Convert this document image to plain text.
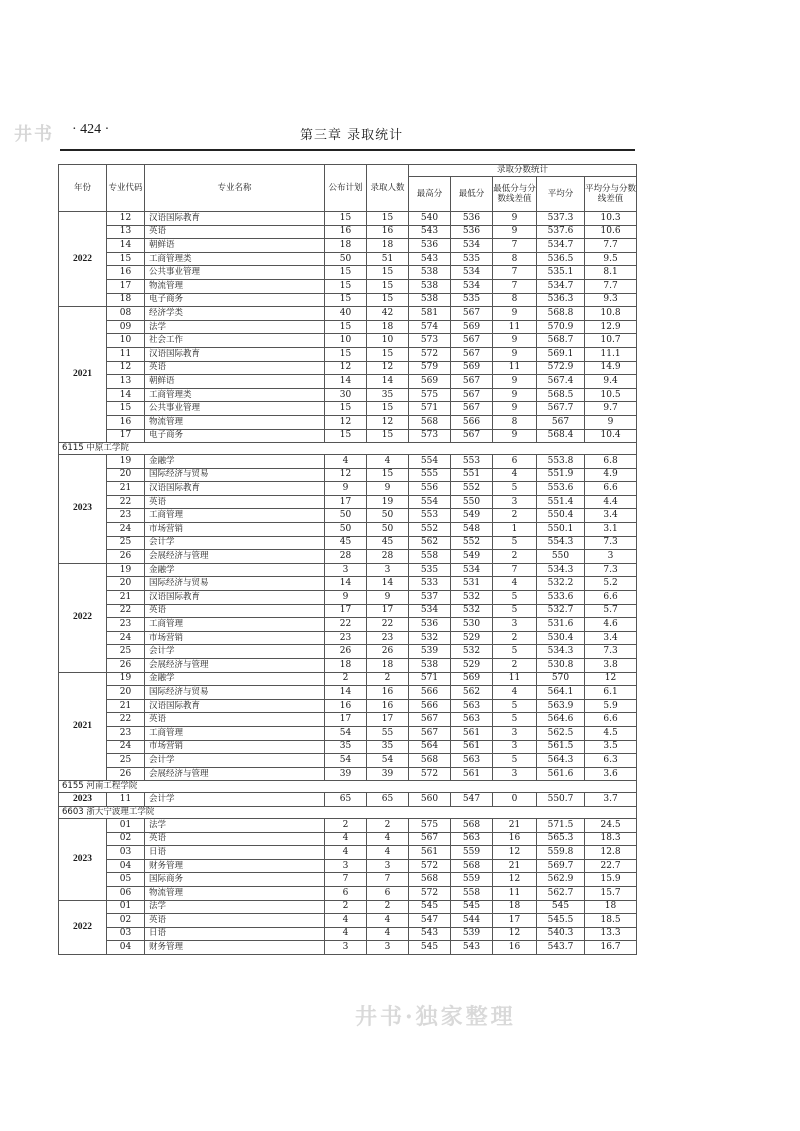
井书 · 424 ·	第三章 录取统计
年份	专业代码	专业名称	公布计划	录取人数	录取分数统计				
					最高分	最低分	最低分与分数线差值	平均分	平均分与分数线差值
2022	12	汉语国际教育	15	15	540	536	9	537.3	10.3
	13	英语	16	16	543	536	9	537.6	10.6
	14	朝鲜语	18	18	536	534	7	534.7	7.7
	15	工商管理类	50	51	543	535	8	536.5	9.5
	16	公共事业管理	15	15	538	534	7	535.1	8.1
	17	物流管理	15	15	538	534	7	534.7	7.7
	18	电子商务	15	15	538	535	8	536.3	9.3
2021	08	经济学类	40	42	581	567	9	568.8	10.8
	09	法学	15	18	574	569	11	570.9	12.9
	10	社会工作	10	10	573	567	9	568.7	10.7
	11	汉语国际教育	15	15	572	567	9	569.1	11.1
	12	英语	12	12	579	569	11	572.9	14.9
	13	朝鲜语	14	14	569	567	9	567.4	9.4
	14	工商管理类	30	35	575	567	9	568.5	10.5
	15	公共事业管理	15	15	571	567	9	567.7	9.7
	16	物流管理	12	12	568	566	8	567	9
	17	电子商务	15	15	573	567	9	568.4	10.4
6115 中原工学院									
2023	19	金融学	4	4	554	553	6	553.8	6.8
	20	国际经济与贸易	12	15	555	551	4	551.9	4.9
	21	汉语国际教育	9	9	556	552	5	553.6	6.6
	22	英语	17	19	554	550	3	551.4	4.4
	23	工商管理	50	50	553	549	2	550.4	3.4
	24	市场营销	50	50	552	548	1	550.1	3.1
	25	会计学	45	45	562	552	5	554.3	7.3
	26	会展经济与管理	28	28	558	549	2	550	3
2022	19	金融学	3	3	535	534	7	534.3	7.3
	20	国际经济与贸易	14	14	533	531	4	532.2	5.2
	21	汉语国际教育	9	9	537	532	5	533.6	6.6
	22	英语	17	17	534	532	5	532.7	5.7
	23	工商管理	22	22	536	530	3	531.6	4.6
	24	市场营销	23	23	532	529	2	530.4	3.4
	25	会计学	26	26	539	532	5	534.3	7.3
	26	会展经济与管理	18	18	538	529	2	530.8	3.8
2021	19	金融学	2	2	571	569	11	570	12
	20	国际经济与贸易	14	16	566	562	4	564.1	6.1
	21	汉语国际教育	16	16	566	563	5	563.9	5.9
	22	英语	17	17	567	563	5	564.6	6.6
	23	工商管理	54	55	567	561	3	562.5	4.5
	24	市场营销	35	35	564	561	3	561.5	3.5
	25	会计学	54	54	568	563	5	564.3	6.3
	26	会展经济与管理	39	39	572	561	3	561.6	3.6
6155 河南工程学院									
2023	11	会计学	65	65	560	547	0	550.7	3.7
6603 浙大宁波理工学院									
2023	01	法学	2	2	575	568	21	571.5	24.5
	02	英语	4	4	567	563	16	565.3	18.3
	03	日语	4	4	561	559	12	559.8	12.8
	04	财务管理	3	3	572	568	21	569.7	22.7
	05	国际商务	7	7	568	559	12	562.9	15.9
	06	物流管理	6	6	572	558	11	562.7	15.7
2022	01	法学	2	2	545	545	18	545	18
	02	英语	4	4	547	544	17	545.5	18.5
	03	日语	4	4	543	539	12	540.3	13.3
	04	财务管理	3	3	545	543	16	543.7	16.7
井书·独家整理
